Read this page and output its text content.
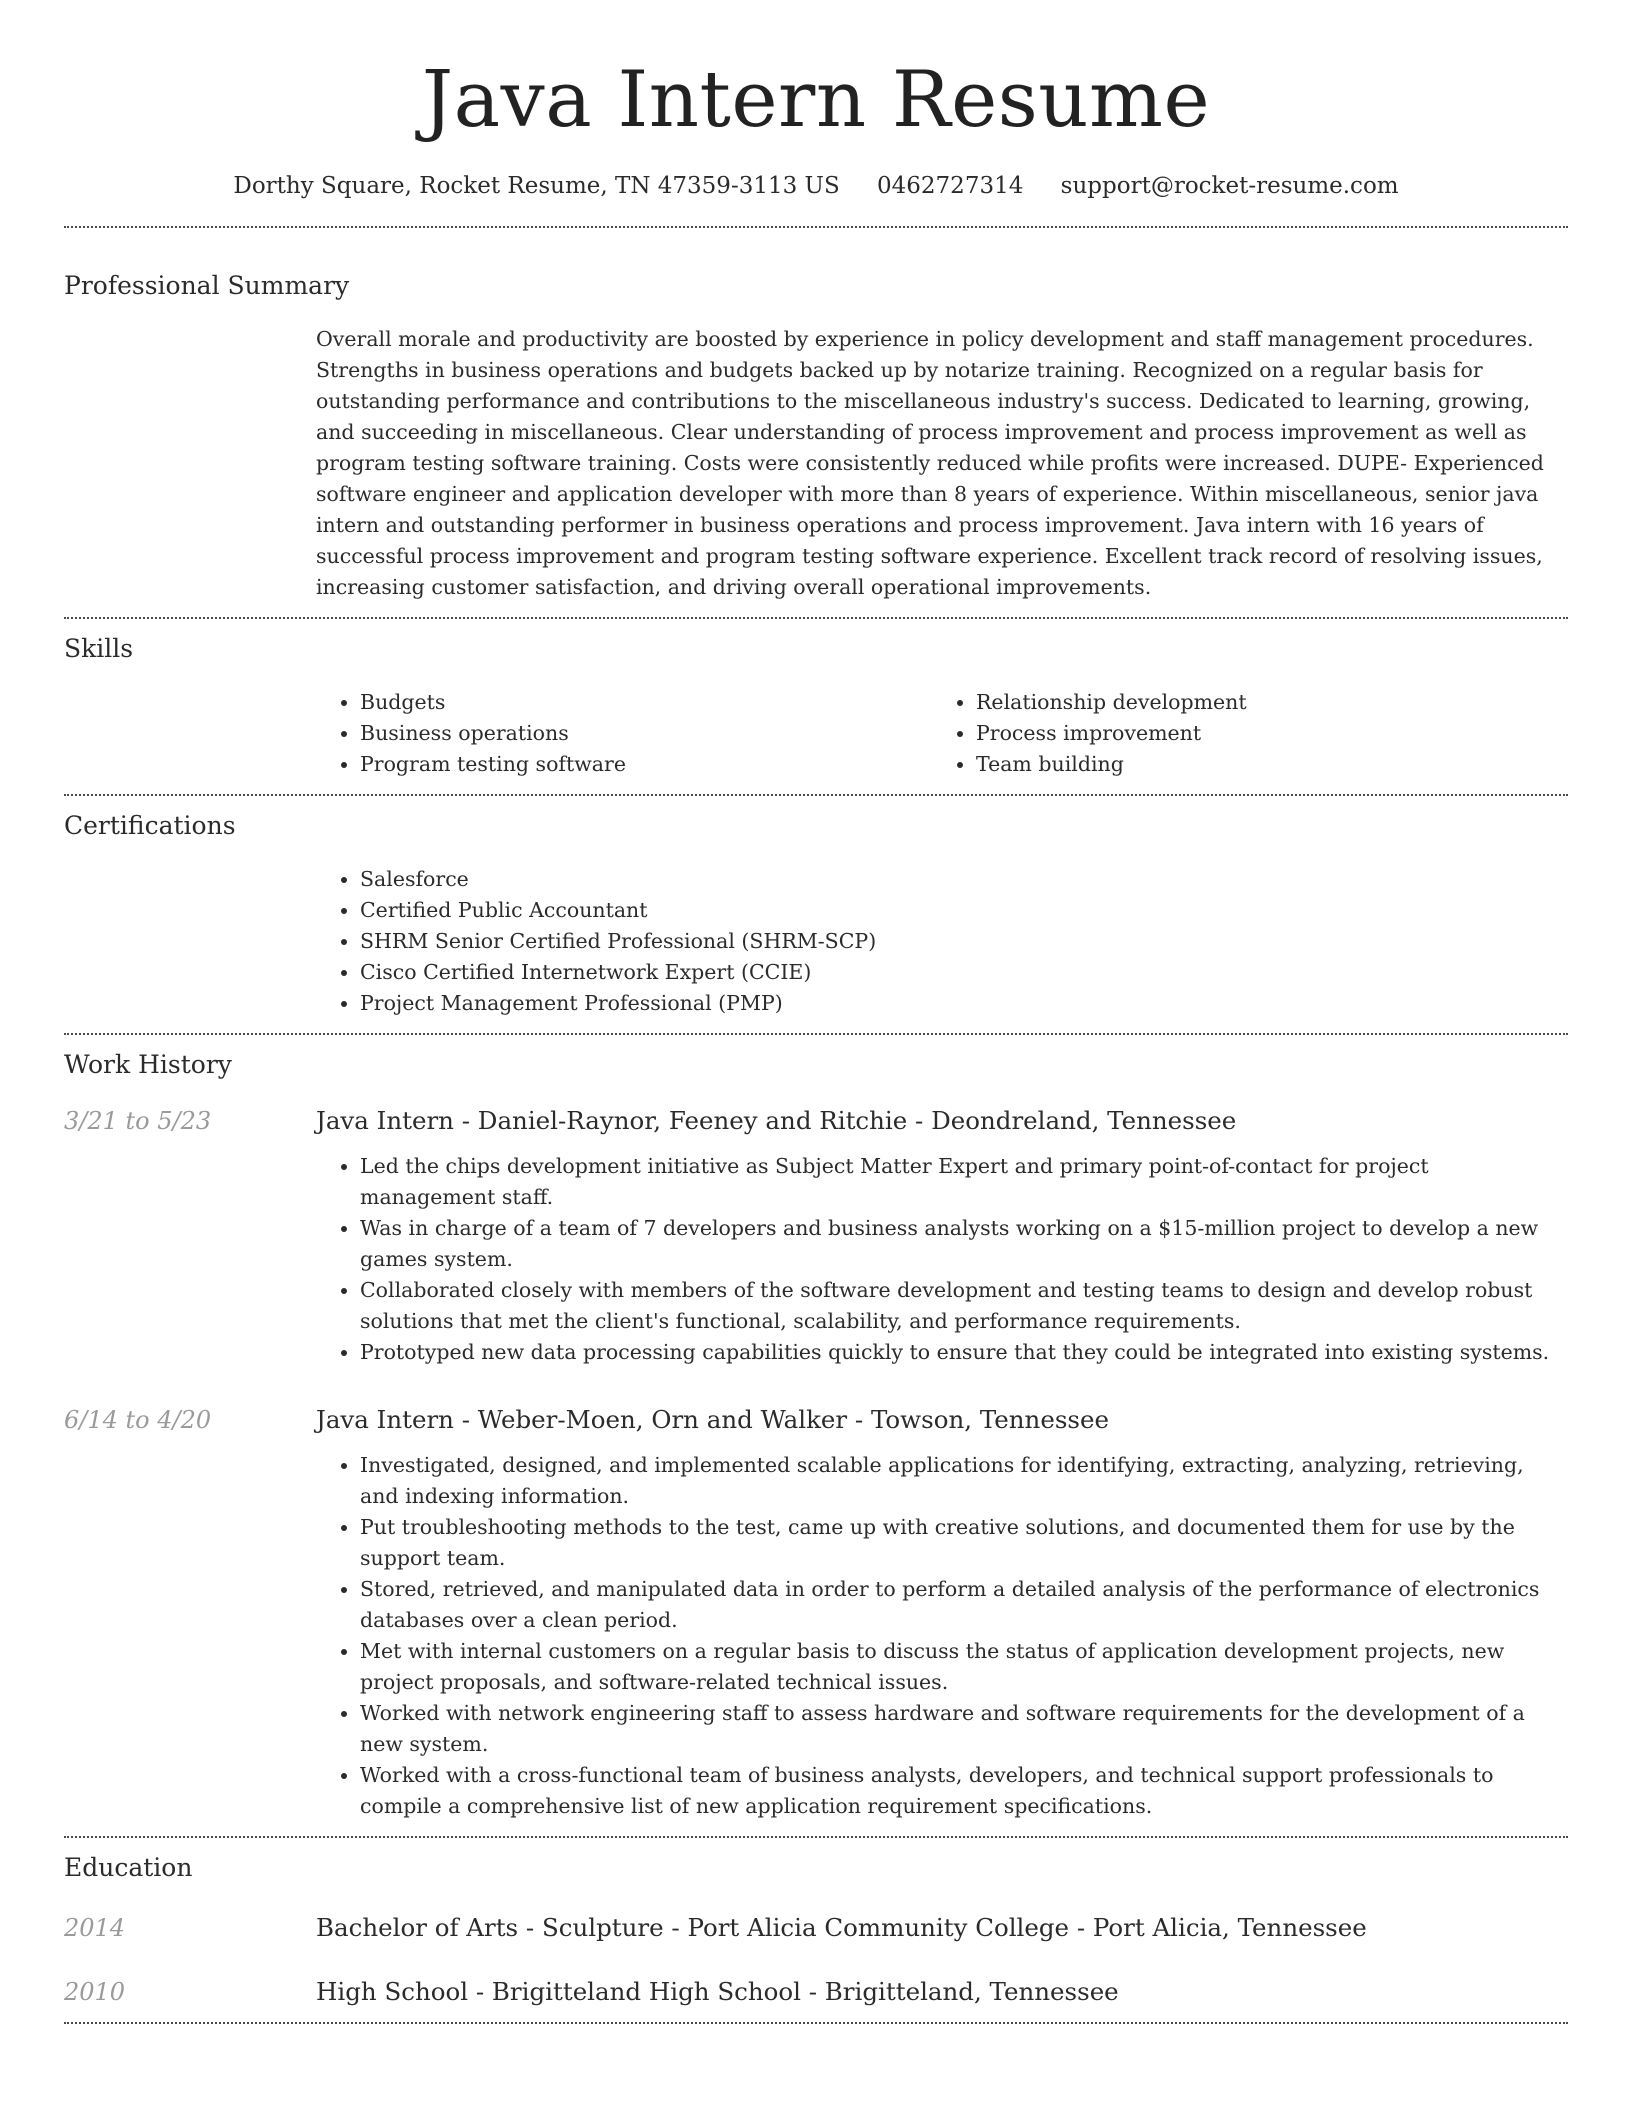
Java Intern Resume
Dorthy Square, Rocket Resume, TN 47359-3113 US 0462727314 support@rocket-resume.com
Professional Summary

Overall morale and productivity are boosted by experience in policy development and staff management procedures. Strengths in business operations and budgets backed up by notarize training. Recognized on a regular basis for outstanding performance and contributions to the miscellaneous industry's success. Dedicated to learning, growing, and succeeding in miscellaneous. Clear understanding of process improvement and process improvement as well as program testing software training. Costs were consistently reduced while profits were increased. DUPE- Experienced software engineer and application developer with more than 8 years of experience. Within miscellaneous, senior java intern and outstanding performer in business operations and process improvement. Java intern with 16 years of successful process improvement and program testing software experience. Excellent track record of resolving issues, increasing customer satisfaction, and driving overall operational improvements.

Skills
• Budgets
• Business operations
• Program testing software
• Relationship development
• Process improvement
• Team building
Certifications
• Salesforce
• Certified Public Accountant
• SHRM Senior Certified Professional (SHRM-SCP)
• Cisco Certified Internetwork Expert (CCIE)
• Project Management Professional (PMP)
Work History
3/21 to 5/23	Java Intern - Daniel-Raynor, Feeney and Ritchie - Deondreland, Tennessee
• Led the chips development initiative as Subject Matter Expert and primary point-of-contact for project management staff.
• Was in charge of a team of 7 developers and business analysts working on a $15-million project to develop a new games system.
• Collaborated closely with members of the software development and testing teams to design and develop robust solutions that met the client's functional, scalability, and performance requirements.
• Prototyped new data processing capabilities quickly to ensure that they could be integrated into existing systems.
6/14 to 4/20	Java Intern - Weber-Moen, Orn and Walker - Towson, Tennessee
• Investigated, designed, and implemented scalable applications for identifying, extracting, analyzing, retrieving, and indexing information.
• Put troubleshooting methods to the test, came up with creative solutions, and documented them for use by the support team.
• Stored, retrieved, and manipulated data in order to perform a detailed analysis of the performance of electronics databases over a clean period.
• Met with internal customers on a regular basis to discuss the status of application development projects, new project proposals, and software-related technical issues.
• Worked with network engineering staff to assess hardware and software requirements for the development of a new system.
• Worked with a cross-functional team of business analysts, developers, and technical support professionals to compile a comprehensive list of new application requirement specifications.
Education
2014	Bachelor of Arts - Sculpture - Port Alicia Community College - Port Alicia, Tennessee
2010	High School - Brigitteland High School - Brigitteland, Tennessee
